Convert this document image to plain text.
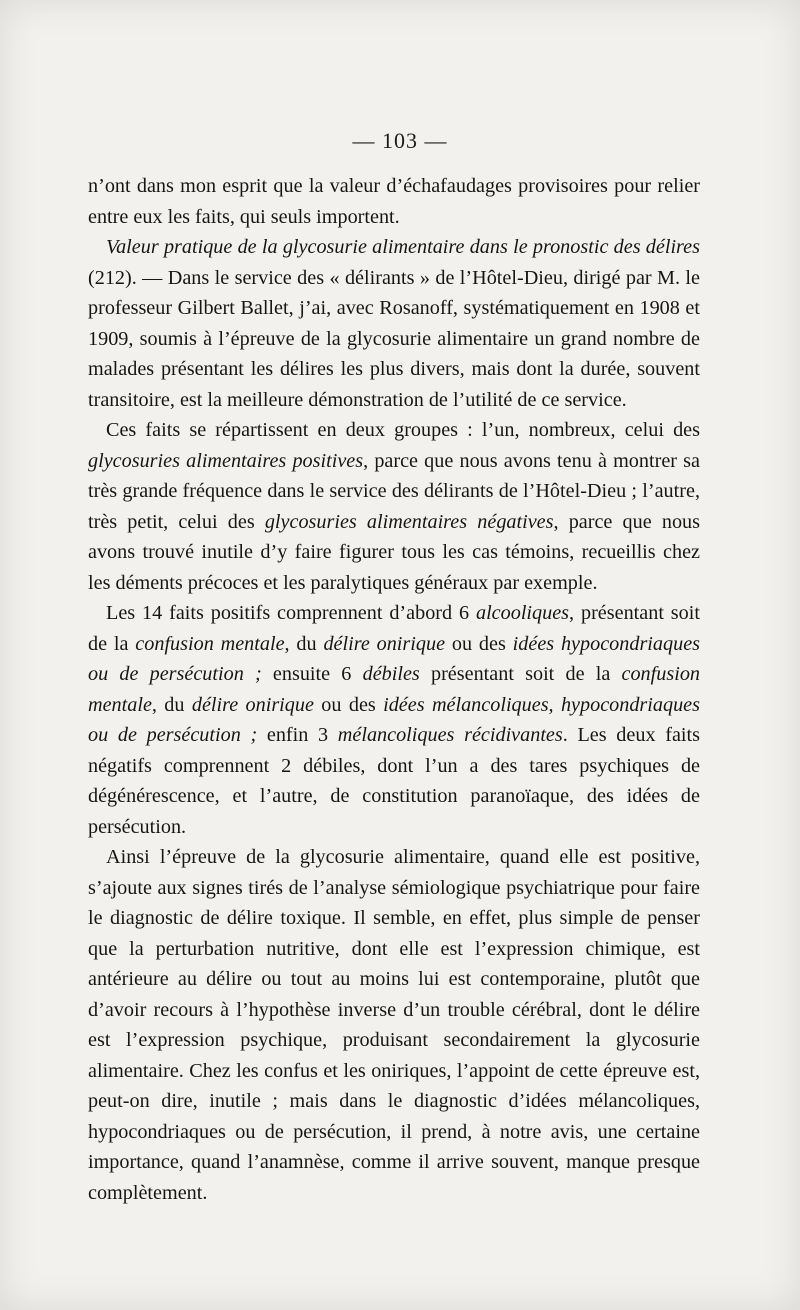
— 103 —

n’ont dans mon esprit que la valeur d’échafaudages provisoires pour relier entre eux les faits, qui seuls importent.

Valeur pratique de la glycosurie alimentaire dans le pronostic des délires (212). — Dans le service des « délirants » de l’Hôtel-Dieu, dirigé par M. le professeur Gilbert Ballet, j’ai, avec Rosanoff, systématiquement en 1908 et 1909, soumis à l’épreuve de la glycosurie alimentaire un grand nombre de malades présentant les délires les plus divers, mais dont la durée, souvent transitoire, est la meilleure démonstration de l’utilité de ce service.

Ces faits se répartissent en deux groupes : l’un, nombreux, celui des glycosuries alimentaires positives, parce que nous avons tenu à montrer sa très grande fréquence dans le service des délirants de l’Hôtel-Dieu ; l’autre, très petit, celui des glycosuries alimentaires négatives, parce que nous avons trouvé inutile d’y faire figurer tous les cas témoins, recueillis chez les déments précoces et les paralytiques généraux par exemple.

Les 14 faits positifs comprennent d’abord 6 alcooliques, présentant soit de la confusion mentale, du délire onirique ou des idées hypocondriaques ou de persécution ; ensuite 6 débiles présentant soit de la confusion mentale, du délire onirique ou des idées mélancoliques, hypocondriaques ou de persécution ; enfin 3 mélancoliques récidivantes. Les deux faits négatifs comprennent 2 débiles, dont l’un a des tares psychiques de dégénérescence, et l’autre, de constitution paranoïaque, des idées de persécution.

Ainsi l’épreuve de la glycosurie alimentaire, quand elle est positive, s’ajoute aux signes tirés de l’analyse sémiologique psychiatrique pour faire le diagnostic de délire toxique. Il semble, en effet, plus simple de penser que la perturbation nutritive, dont elle est l’expression chimique, est antérieure au délire ou tout au moins lui est contemporaine, plutôt que d’avoir recours à l’hypothèse inverse d’un trouble cérébral, dont le délire est l’expression psychique, produisant secondairement la glycosurie alimentaire. Chez les confus et les oniriques, l’appoint de cette épreuve est, peut-on dire, inutile ; mais dans le diagnostic d’idées mélancoliques, hypocondriaques ou de persécution, il prend, à notre avis, une certaine importance, quand l’anamnèse, comme il arrive souvent, manque presque complètement.
